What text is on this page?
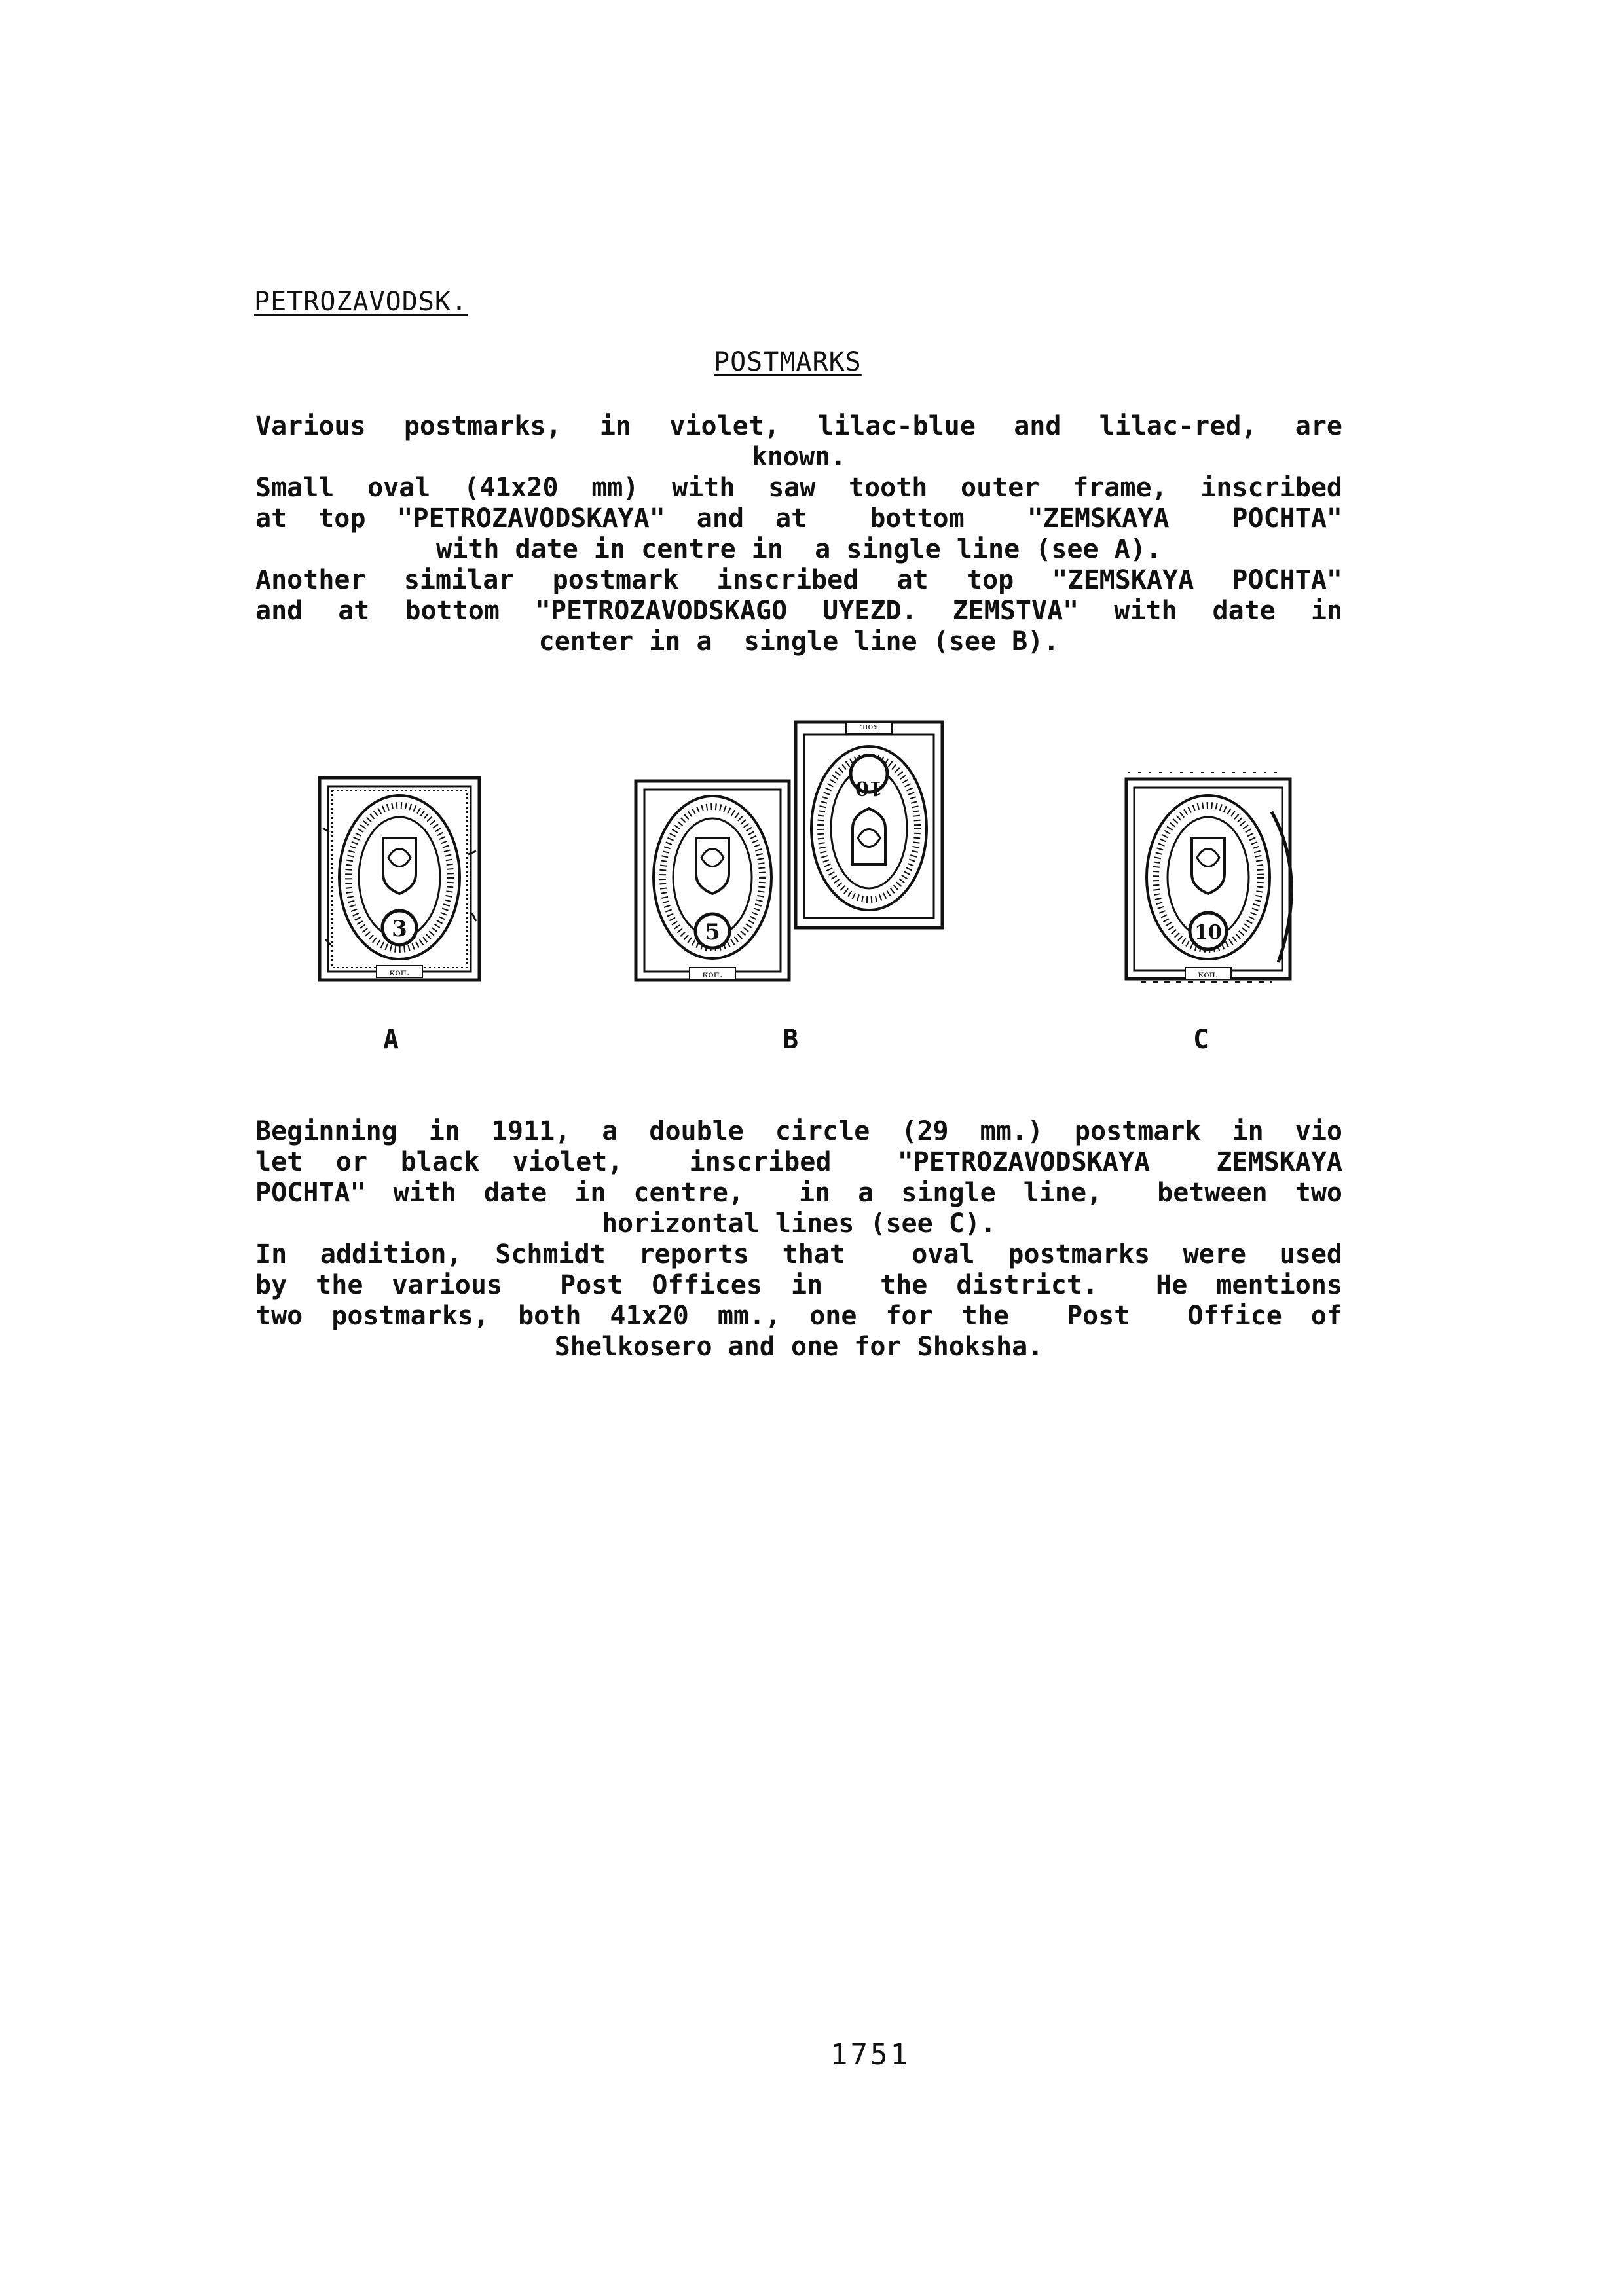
PETROZAVODSK.
POSTMARKS
Various postmarks, in violet, lilac-blue and lilac-red, are
known.
Small oval (41x20 mm) with saw tooth outer frame, inscribed
at top "PETROZAVODSKAYA" and at  bottom  "ZEMSKAYA  POCHTA"
with date in centre in  a single line (see A).
Another similar postmark inscribed at top "ZEMSKAYA POCHTA"
and at bottom "PETROZAVODSKAGO UYEZD. ZEMSTVA" with date in
center in a  single line (see B).
3
коп.
5
коп.
коп.
10
10
коп.
A	B	C
Beginning in 1911, a double circle (29 mm.) postmark in vio
let or black violet,  inscribed  "PETROZAVODSKAYA  ZEMSKAYA
POCHTA" with date in centre,  in a single line,  between two
horizontal lines (see C).
In addition, Schmidt reports that  oval postmarks were used
by the various  Post Offices in  the district.  He mentions
two postmarks, both 41x20 mm., one for the  Post  Office of
Shelkosero and one for Shoksha.
1751
